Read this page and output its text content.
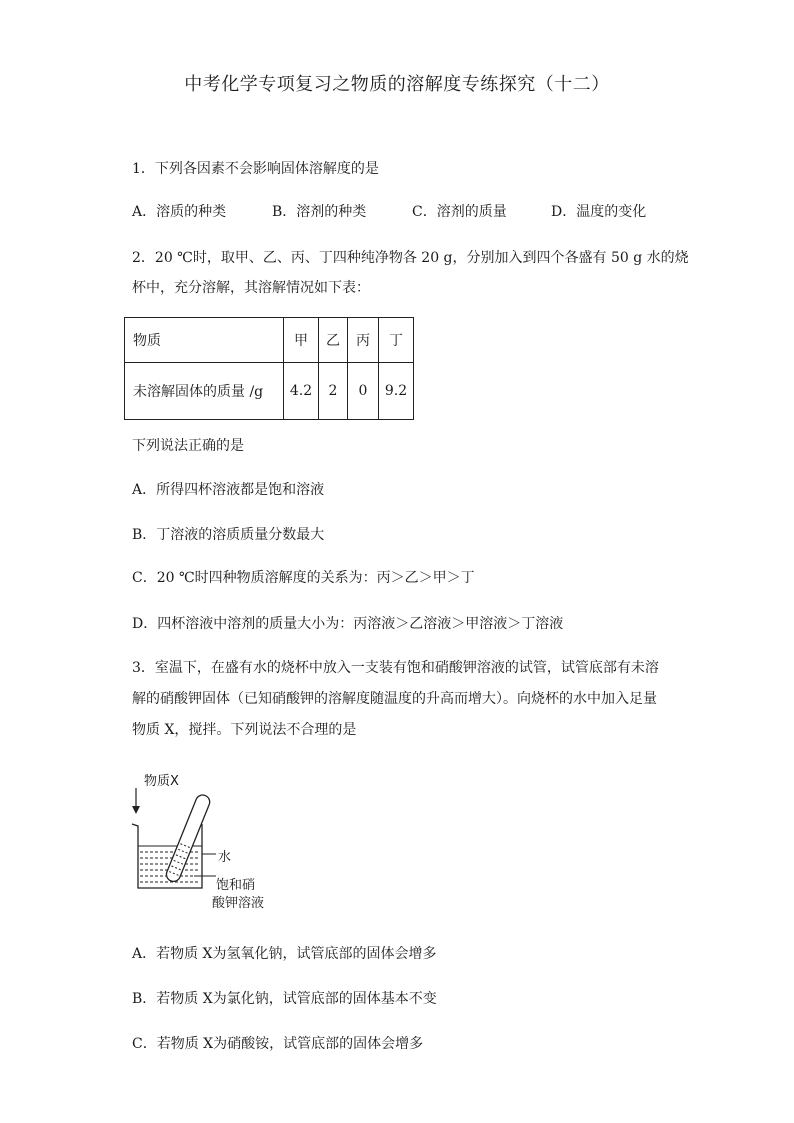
中考化学专项复习之物质的溶解度专练探究（十二）
1．下列各因素不会影响固体溶解度的是
A．溶质的种类	B．溶剂的种类	C．溶剂的质量	D．温度的变化
2．20 ℃时，取甲、乙、丙、丁四种纯净物各 20 g，分别加入到四个各盛有 50 g 水的烧
杯中，充分溶解，其溶解情况如下表：
物质	甲	乙	丙	丁
未溶解固体的质量 /g	4.2	2	0	9.2
下列说法正确的是
A．所得四杯溶液都是饱和溶液
B．丁溶液的溶质质量分数最大
C．20 ℃时四种物质溶解度的关系为：丙＞乙＞甲＞丁
D．四杯溶液中溶剂的质量大小为：丙溶液＞乙溶液＞甲溶液＞丁溶液
3．室温下，在盛有水的烧杯中放入一支装有饱和硝酸钾溶液的试管，试管底部有未溶
解的硝酸钾固体（已知硝酸钾的溶解度随温度的升高而增大）。向烧杯的水中加入足量
物质 X，搅拌。下列说法不合理的是
物质X
水
饱和硝
酸钾溶液
A．若物质 X为氢氧化钠，试管底部的固体会增多
B．若物质 X为氯化钠，试管底部的固体基本不变
C．若物质 X为硝酸铵，试管底部的固体会增多
